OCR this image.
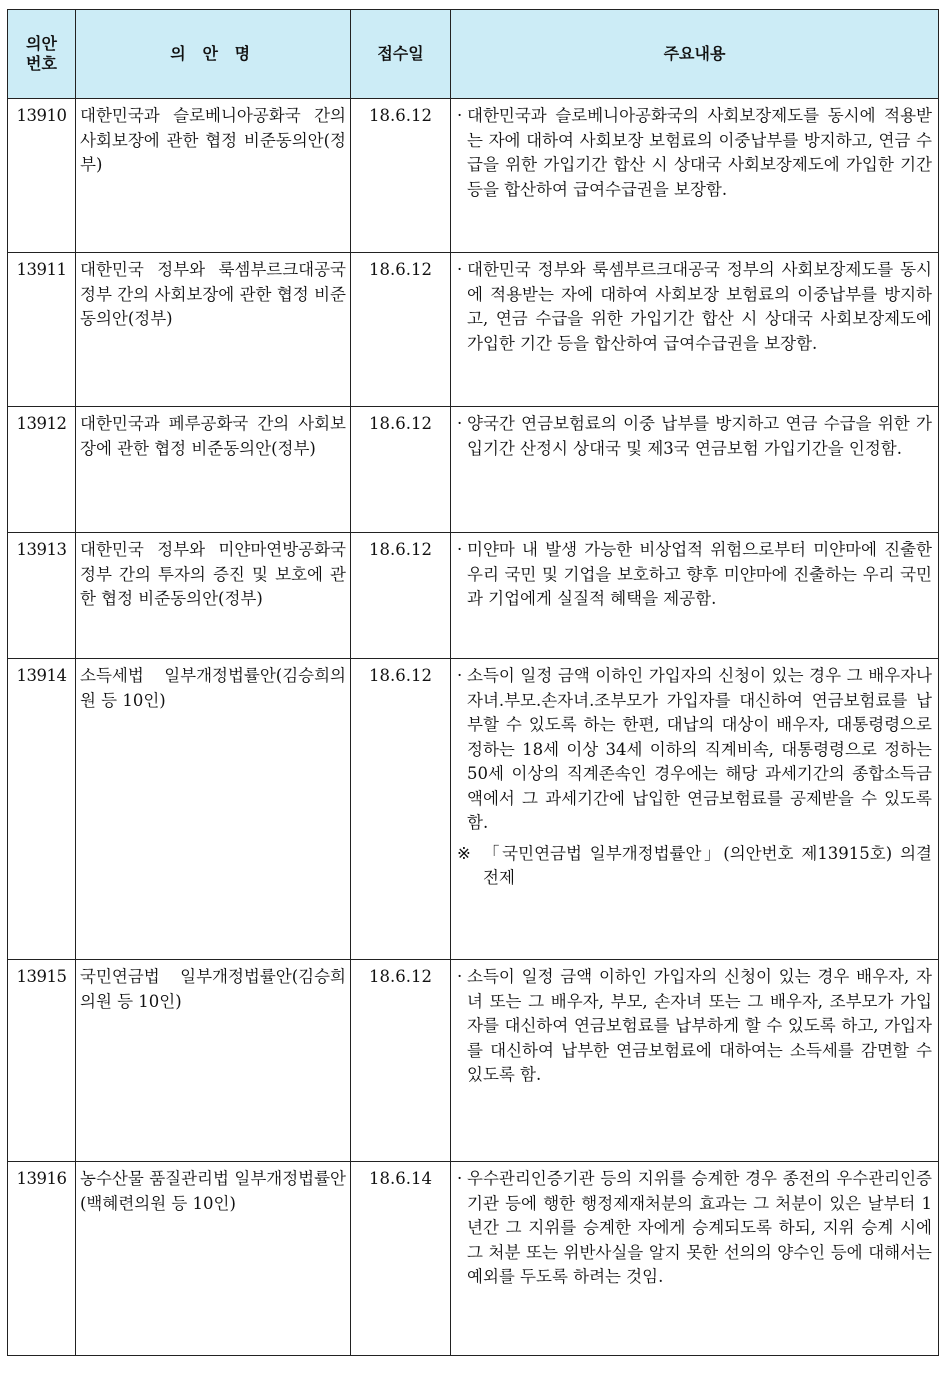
의안
번호	의 안 명	접수일	주요내용
13910	대한민국과 슬로베니아공화국 간의 사회보장에 관한 협정 비준동의안(정부)	18.6.12	· 대한민국과 슬로베니아공화국의 사회보장제도를 동시에 적용받는 자에 대하여 사회보장 보험료의 이중납부를 방지하고, 연금 수급을 위한 가입기간 합산 시 상대국 사회보장제도에 가입한 기간 등을 합산하여 급여수급권을 보장함.

13911	대한민국 정부와 룩셈부르크대공국 정부 간의 사회보장에 관한 협정 비준동의안(정부)	18.6.12	· 대한민국 정부와 룩셈부르크대공국 정부의 사회보장제도를 동시에 적용받는 자에 대하여 사회보장 보험료의 이중납부를 방지하고, 연금 수급을 위한 가입기간 합산 시 상대국 사회보장제도에 가입한 기간 등을 합산하여 급여수급권을 보장함.

13912	대한민국과 페루공화국 간의 사회보장에 관한 협정 비준동의안(정부)	18.6.12	· 양국간 연금보험료의 이중 납부를 방지하고 연금 수급을 위한 가입기간 산정시 상대국 및 제3국 연금보험 가입기간을 인정함.

13913	대한민국 정부와 미얀마연방공화국 정부 간의 투자의 증진 및 보호에 관한 협정 비준동의안(정부)	18.6.12	· 미얀마 내 발생 가능한 비상업적 위험으로부터 미얀마에 진출한 우리 국민 및 기업을 보호하고 향후 미얀마에 진출하는 우리 국민과 기업에게 실질적 혜택을 제공함.

13914	소득세법 일부개정법률안(김승희의원 등 10인)	18.6.12	· 소득이 일정 금액 이하인 가입자의 신청이 있는 경우 그 배우자나 자녀.부모.손자녀.조부모가 가입자를 대신하여 연금보험료를 납부할 수 있도록 하는 한편, 대납의 대상이 배우자, 대통령령으로 정하는 18세 이상 34세 이하의 직계비속, 대통령령으로 정하는 50세 이상의 직계존속인 경우에는 해당 과세기간의 종합소득금액에서 그 과세기간에 납입한 연금보험료를 공제받을 수 있도록 함.
※ 「국민연금법 일부개정법률안」(의안번호 제13915호) 의결 전제

13915	국민연금법 일부개정법률안(김승희의원 등 10인)	18.6.12	· 소득이 일정 금액 이하인 가입자의 신청이 있는 경우 배우자, 자녀 또는 그 배우자, 부모, 손자녀 또는 그 배우자, 조부모가 가입자를 대신하여 연금보험료를 납부하게 할 수 있도록 하고, 가입자를 대신하여 납부한 연금보험료에 대하여는 소득세를 감면할 수 있도록 함.

13916	농수산물 품질관리법 일부개정법률안(백혜련의원 등 10인)	18.6.14	· 우수관리인증기관 등의 지위를 승계한 경우 종전의 우수관리인증기관 등에 행한 행정제재처분의 효과는 그 처분이 있은 날부터 1년간 그 지위를 승계한 자에게 승계되도록 하되, 지위 승계 시에 그 처분 또는 위반사실을 알지 못한 선의의 양수인 등에 대해서는 예외를 두도록 하려는 것임.
